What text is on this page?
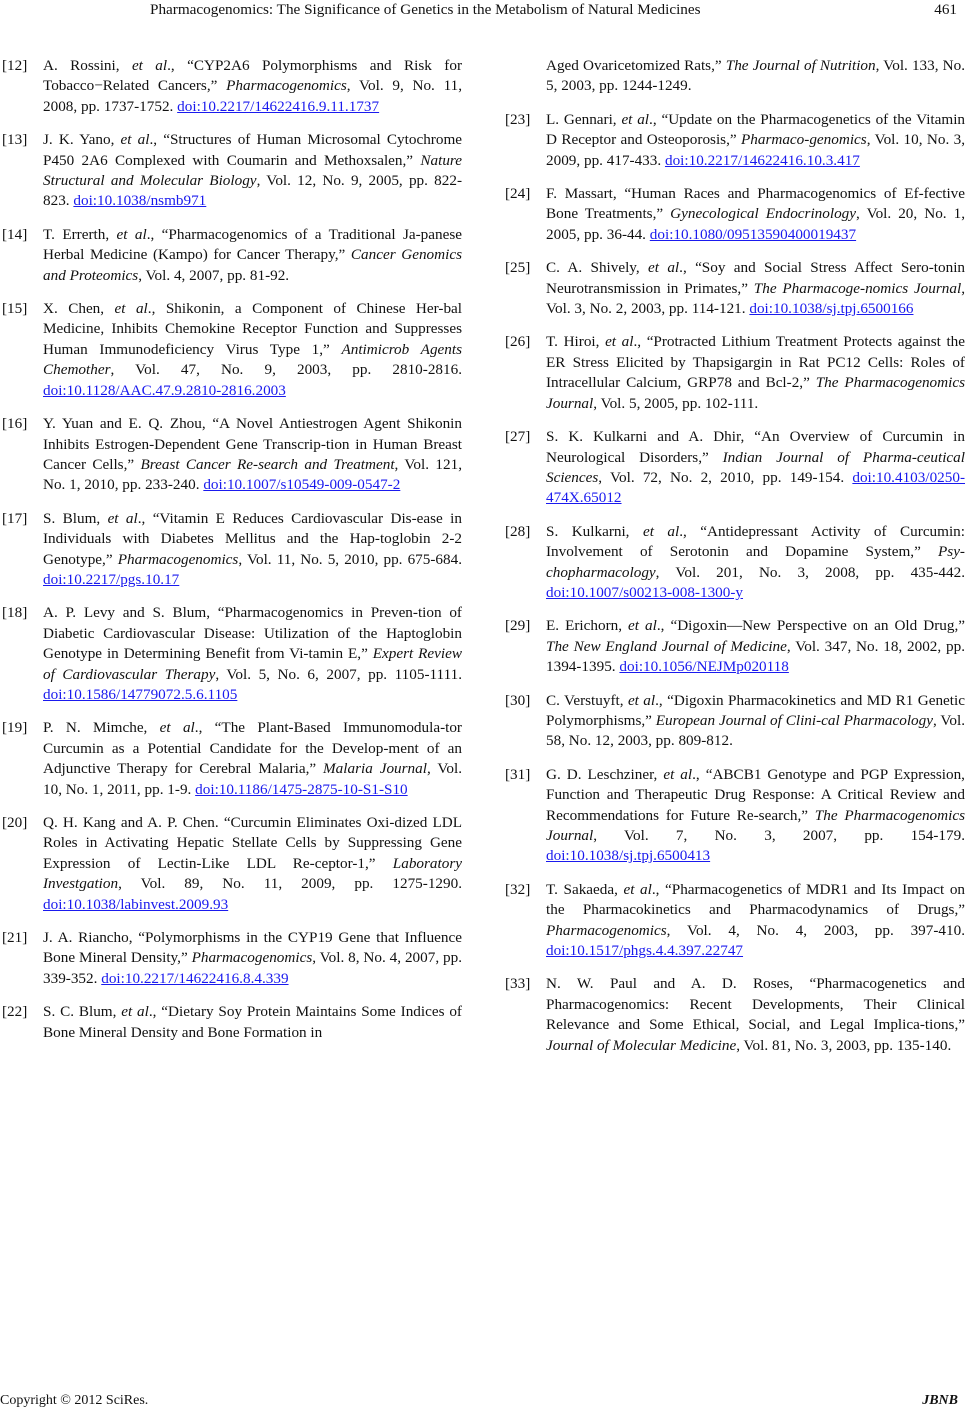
Pharmacogenomics: The Significance of Genetics in the Metabolism of Natural Medicines	461
[12]	A. Rossini, et al., “CYP2A6 Polymorphisms and Risk for Tobacco−Related Cancers,” Pharmacogenomics, Vol. 9, No. 11, 2008, pp. 1737-1752. doi:10.2217/14622416.9.11.1737
[13]	J. K. Yano, et al., “Structures of Human Microsomal Cytochrome P450 2A6 Complexed with Coumarin and Methoxsalen,” Nature Structural and Molecular Biology, Vol. 12, No. 9, 2005, pp. 822-823. doi:10.1038/nsmb971
[14]	T. Errerth, et al., “Pharmacogenomics of a Traditional Ja-panese Herbal Medicine (Kampo) for Cancer Therapy,” Cancer Genomics and Proteomics, Vol. 4, 2007, pp. 81-92.
[15]	X. Chen, et al., Shikonin, a Component of Chinese Her-bal Medicine, Inhibits Chemokine Receptor Function and Suppresses Human Immunodeficiency Virus Type 1,” Antimicrob Agents Chemother, Vol. 47, No. 9, 2003, pp. 2810-2816. doi:10.1128/AAC.47.9.2810-2816.2003
[16]	Y. Yuan and E. Q. Zhou, “A Novel Antiestrogen Agent Shikonin Inhibits Estrogen-Dependent Gene Transcrip-tion in Human Breast Cancer Cells,” Breast Cancer Re-search and Treatment, Vol. 121, No. 1, 2010, pp. 233-240. doi:10.1007/s10549-009-0547-2
[17]	S. Blum, et al., “Vitamin E Reduces Cardiovascular Dis-ease in Individuals with Diabetes Mellitus and the Hap-toglobin 2-2 Genotype,” Pharmacogenomics, Vol. 11, No. 5, 2010, pp. 675-684. doi:10.2217/pgs.10.17
[18]	A. P. Levy and S. Blum, “Pharmacogenomics in Preven-tion of Diabetic Cardiovascular Disease: Utilization of the Haptoglobin Genotype in Determining Benefit from Vi-tamin E,” Expert Review of Cardiovascular Therapy, Vol. 5, No. 6, 2007, pp. 1105-1111. doi:10.1586/14779072.5.6.1105
[19]	P. N. Mimche, et al., “The Plant-Based Immunomodula-tor Curcumin as a Potential Candidate for the Develop-ment of an Adjunctive Therapy for Cerebral Malaria,” Malaria Journal, Vol. 10, No. 1, 2011, pp. 1-9. doi:10.1186/1475-2875-10-S1-S10
[20]	Q. H. Kang and A. P. Chen. “Curcumin Eliminates Oxi-dized LDL Roles in Activating Hepatic Stellate Cells by Suppressing Gene Expression of Lectin-Like LDL Re-ceptor-1,” Laboratory Investgation, Vol. 89, No. 11, 2009, pp. 1275-1290. doi:10.1038/labinvest.2009.93
[21]	J. A. Riancho, “Polymorphisms in the CYP19 Gene that Influence Bone Mineral Density,” Pharmacogenomics, Vol. 8, No. 4, 2007, pp. 339-352. doi:10.2217/14622416.8.4.339
[22]	S. C. Blum, et al., “Dietary Soy Protein Maintains Some Indices of Bone Mineral Density and Bone Formation in
Aged Ovaricetomized Rats,” The Journal of Nutrition, Vol. 133, No. 5, 2003, pp. 1244-1249.
[23]	L. Gennari, et al., “Update on the Pharmacogenetics of the Vitamin D Receptor and Osteoporosis,” Pharmaco-genomics, Vol. 10, No. 3, 2009, pp. 417-433. doi:10.2217/14622416.10.3.417
[24]	F. Massart, “Human Races and Pharmacogenomics of Ef-fective Bone Treatments,” Gynecological Endocrinology, Vol. 20, No. 1, 2005, pp. 36-44. doi:10.1080/09513590400019437
[25]	C. A. Shively, et al., “Soy and Social Stress Affect Sero-tonin Neurotransmission in Primates,” The Pharmacoge-nomics Journal, Vol. 3, No. 2, 2003, pp. 114-121. doi:10.1038/sj.tpj.6500166
[26]	T. Hiroi, et al., “Protracted Lithium Treatment Protects against the ER Stress Elicited by Thapsigargin in Rat PC12 Cells: Roles of Intracellular Calcium, GRP78 and Bcl-2,” The Pharmacogenomics Journal, Vol. 5, 2005, pp. 102-111.
[27]	S. K. Kulkarni and A. Dhir, “An Overview of Curcumin in Neurological Disorders,” Indian Journal of Pharma-ceutical Sciences, Vol. 72, No. 2, 2010, pp. 149-154. doi:10.4103/0250-474X.65012
[28]	S. Kulkarni, et al., “Antidepressant Activity of Curcumin: Involvement of Serotonin and Dopamine System,” Psy-chopharmacology, Vol. 201, No. 3, 2008, pp. 435-442. doi:10.1007/s00213-008-1300-y
[29]	E. Erichorn, et al., “Digoxin—New Perspective on an Old Drug,” The New England Journal of Medicine, Vol. 347, No. 18, 2002, pp. 1394-1395. doi:10.1056/NEJMp020118
[30]	C. Verstuyft, et al., “Digoxin Pharmacokinetics and MD R1 Genetic Polymorphisms,” European Journal of Clini-cal Pharmacology, Vol. 58, No. 12, 2003, pp. 809-812.
[31]	G. D. Leschziner, et al., “ABCB1 Genotype and PGP Expression, Function and Therapeutic Drug Response: A Critical Review and Recommendations for Future Re-search,” The Pharmacogenomics Journal, Vol. 7, No. 3, 2007, pp. 154-179. doi:10.1038/sj.tpj.6500413
[32]	T. Sakaeda, et al., “Pharmacogenetics of MDR1 and Its Impact on the Pharmacokinetics and Pharmacodynamics of Drugs,” Pharmacogenomics, Vol. 4, No. 4, 2003, pp. 397-410. doi:10.1517/phgs.4.4.397.22747
[33]	N. W. Paul and A. D. Roses, “Pharmacogenetics and Pharmacogenomics: Recent Developments, Their Clinical Relevance and Some Ethical, Social, and Legal Implica-tions,” Journal of Molecular Medicine, Vol. 81, No. 3, 2003, pp. 135-140.
Copyright © 2012 SciRes.	JBNB
